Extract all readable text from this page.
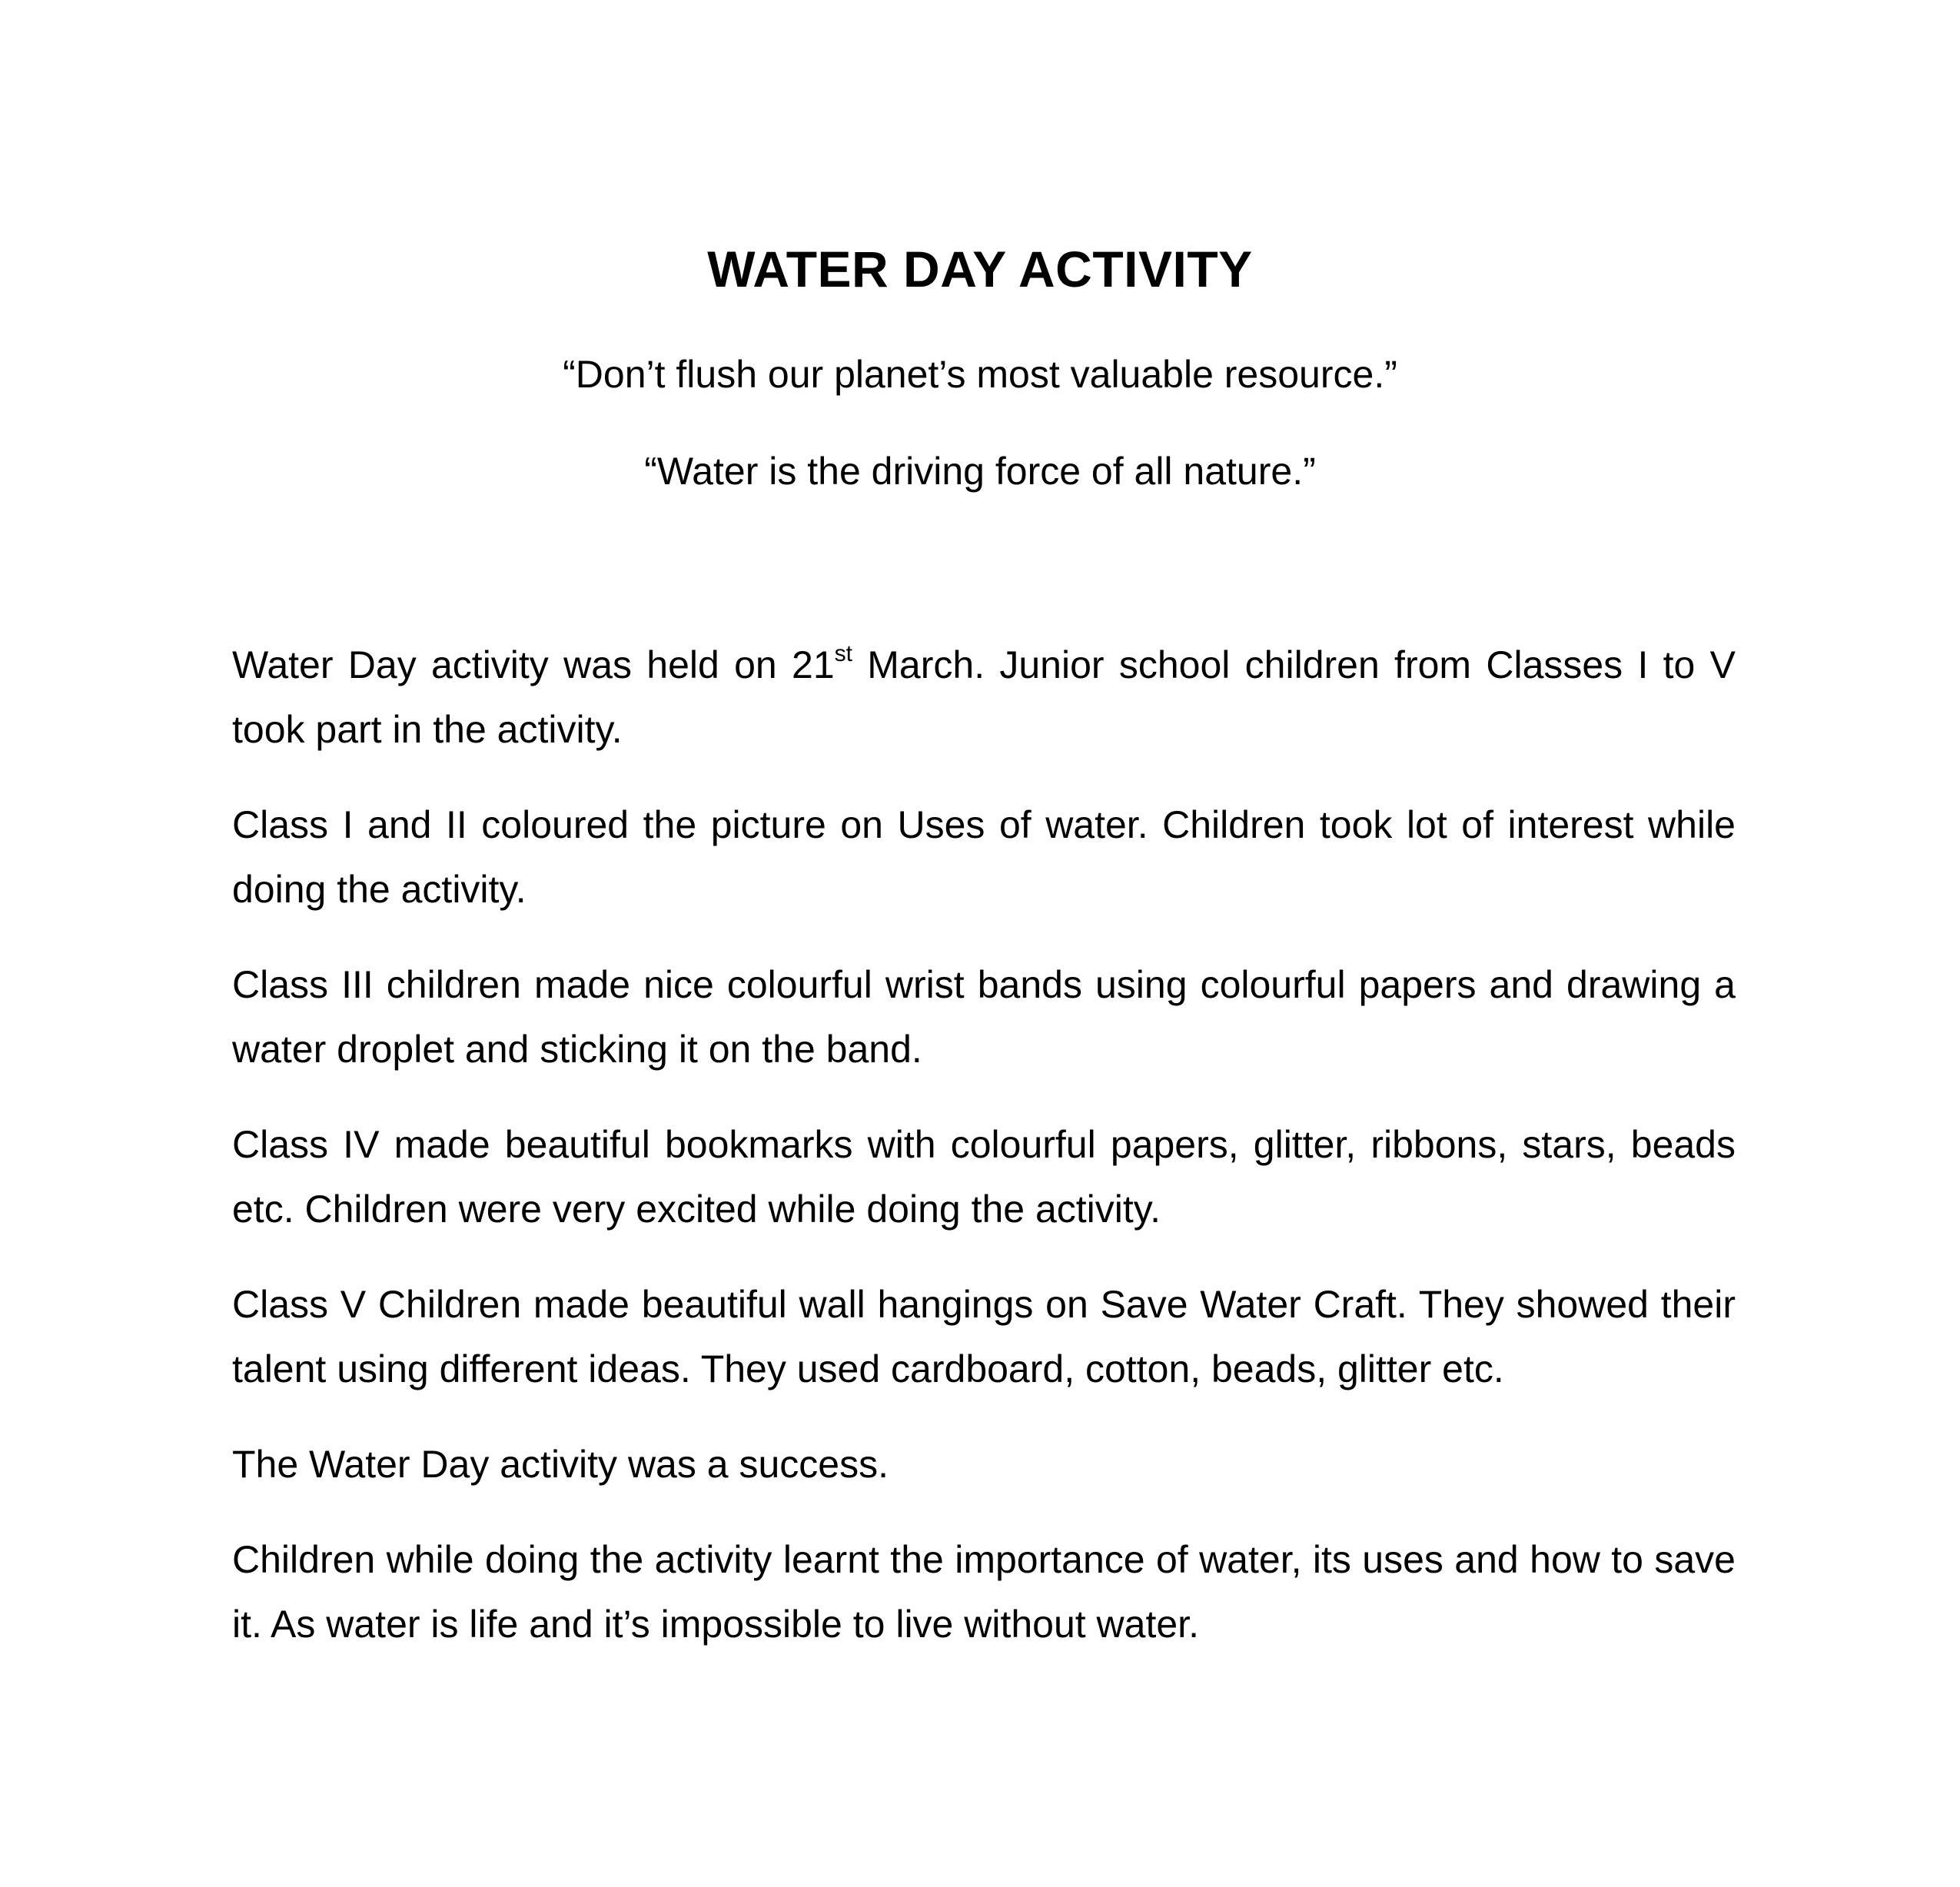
WATER DAY ACTIVITY

“Don’t flush our planet’s most valuable resource.”

“Water is the driving force of all nature.”

Water Day activity was held on 21st March. Junior school children from Classes I to V took part in the activity.

Class I and II coloured the picture on Uses of water. Children took lot of interest while doing the activity.

Class III children made nice colourful wrist bands using colourful papers and drawing a water droplet and sticking it on the band.

Class IV made beautiful bookmarks with colourful papers, glitter, ribbons, stars, beads etc. Children were very excited while doing the activity.

Class V Children made beautiful wall hangings on Save Water Craft. They showed their talent using different ideas. They used cardboard, cotton, beads, glitter etc.

The Water Day activity was a success.

Children while doing the activity learnt the importance of water, its uses and how to save it. As water is life and it’s impossible to live without water.
